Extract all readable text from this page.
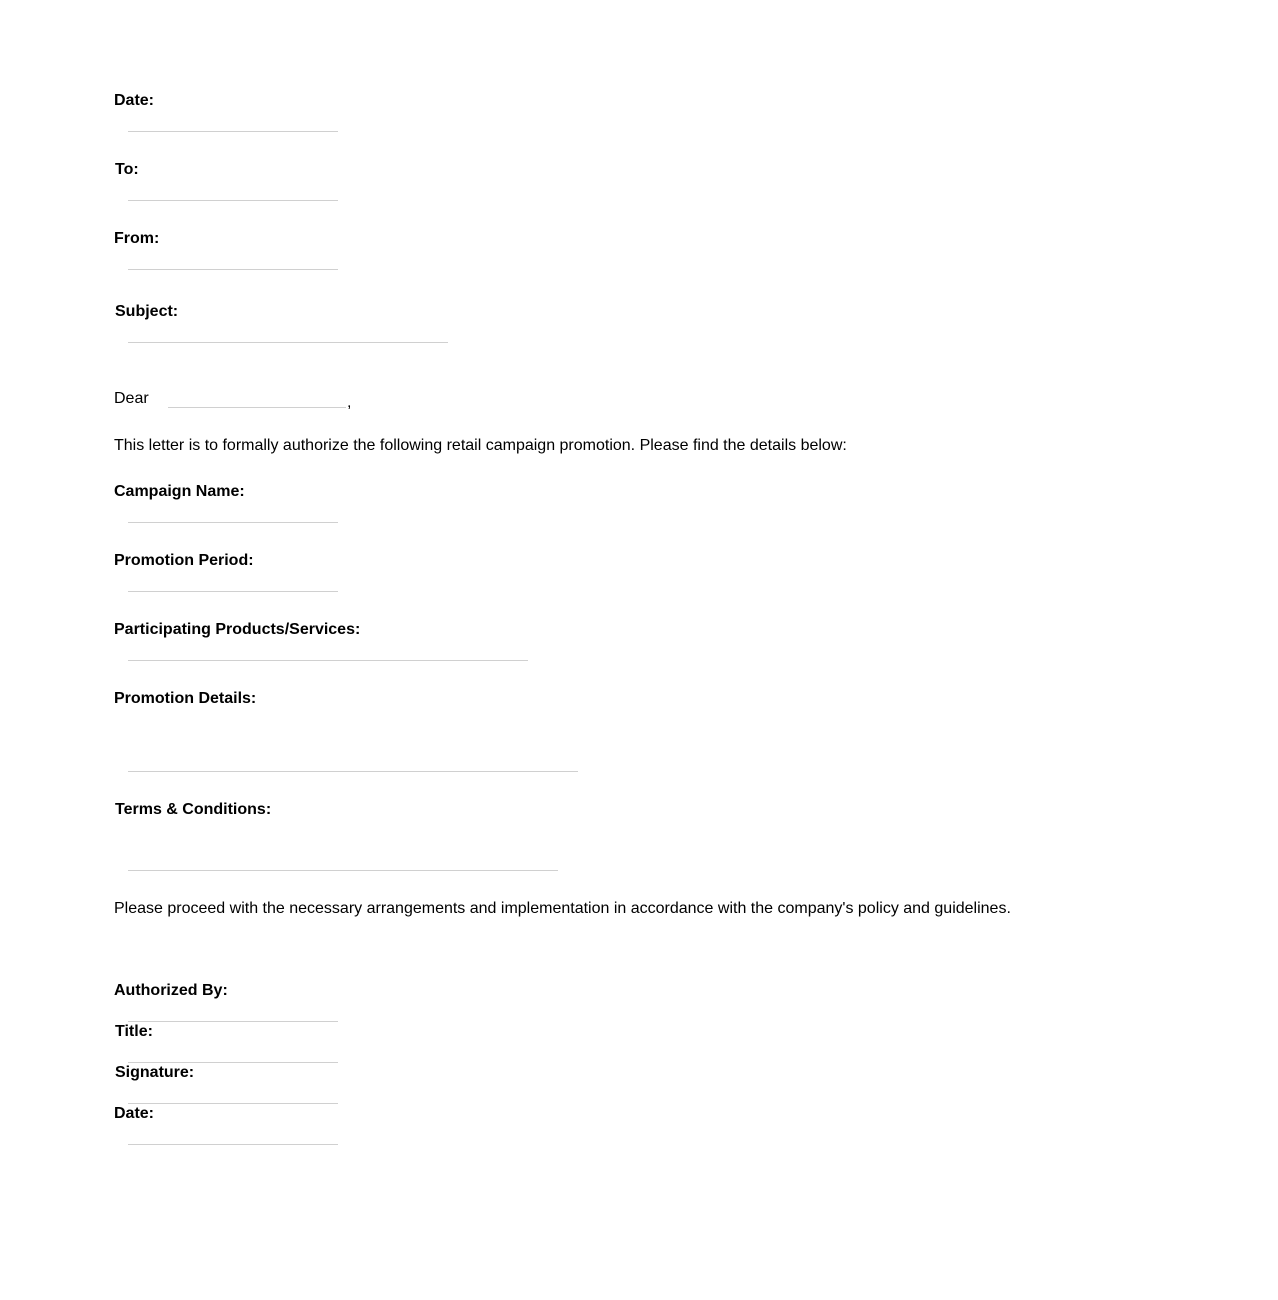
Date:
To:
From:
Subject:
Dear	,
This letter is to formally authorize the following retail campaign promotion. Please find the details below:
Campaign Name:
Promotion Period:
Participating Products/Services:
Promotion Details:
Terms & Conditions:
Please proceed with the necessary arrangements and implementation in accordance with the company's policy and guidelines.
Authorized By:
Title:
Signature:
Date:
